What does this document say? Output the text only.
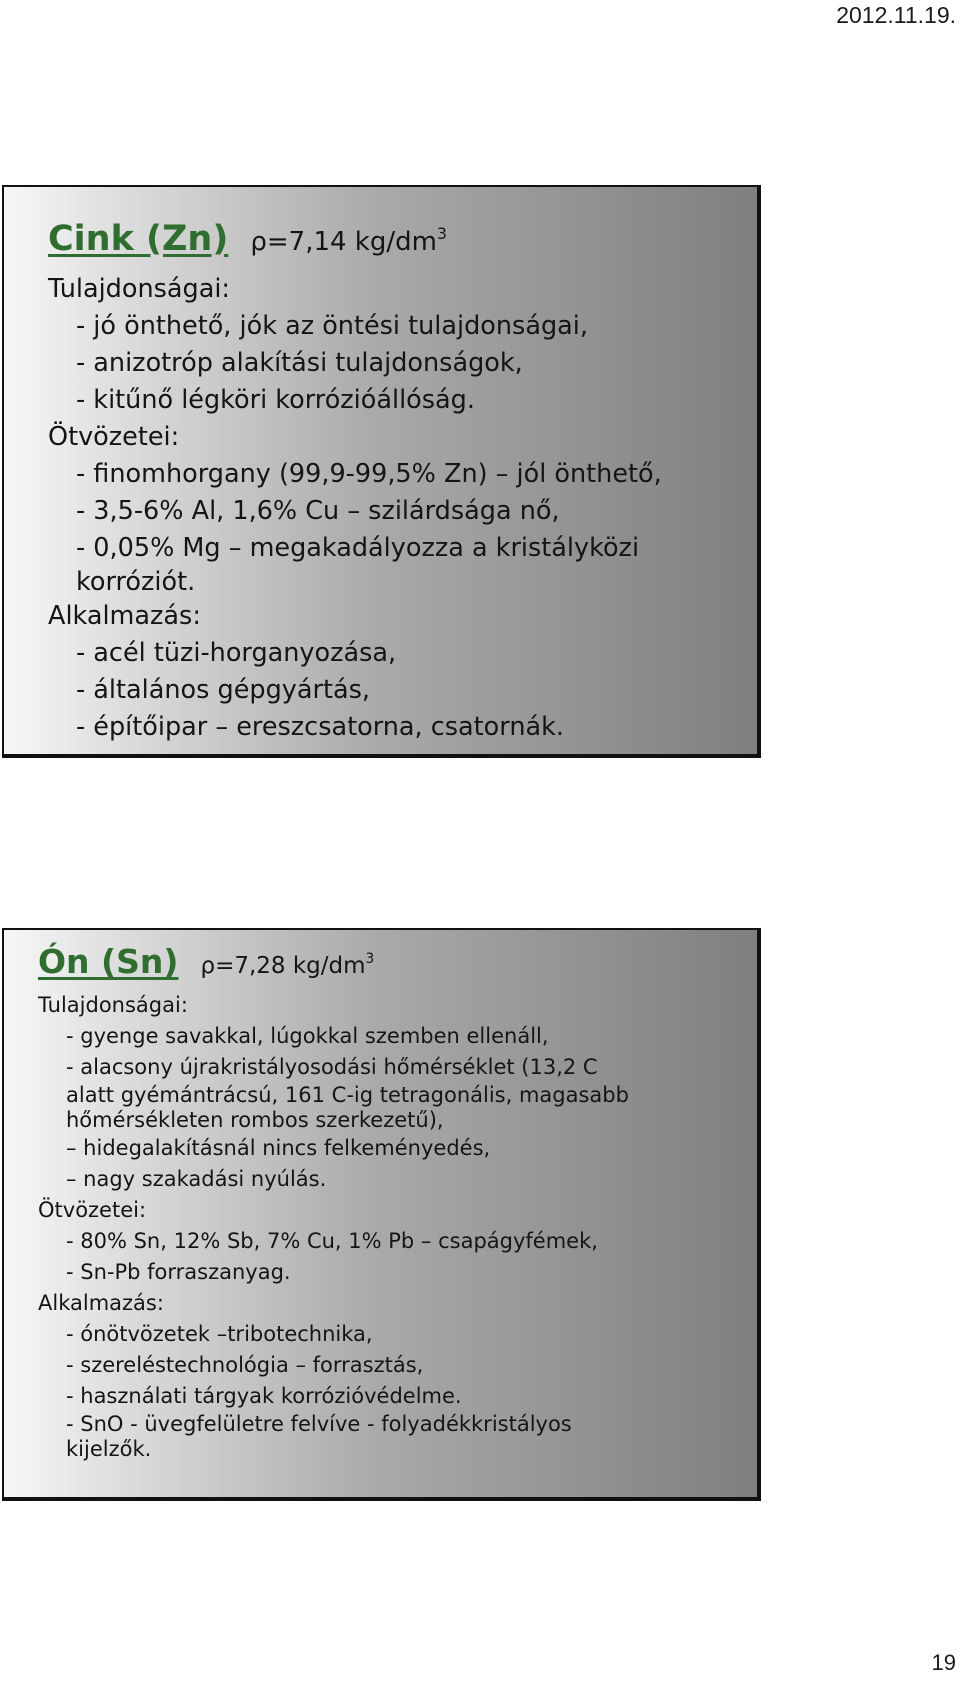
2012.11.19.
Cink (Zn) ρ=7,14 $kg/dm^3$
Tulajdonságai:
- jó önthető, jók az öntési tulajdonságai,
- anizotróp alakítási tulajdonságok,
- kitűnő légköri korrózióállóság.
Ötvözetei:
- finomhorgany (99,9-99,5% Zn) – jól önthető,
- 3,5-6% Al, 1,6% Cu – szilárdsága nő,
- 0,05% Mg – megakadályozza a kristályközi
korróziót.
Alkalmazás:
- acél tüzi-horganyozása,
- általános gépgyártás,
- építőipar – ereszcsatorna, csatornák.
Ón (Sn) ρ=7,28 $kg/dm^3$
Tulajdonságai:
- gyenge savakkal, lúgokkal szemben ellenáll,
- alacsony újrakristályosodási hőmérséklet (13,2 C
alatt gyémántrácsú, 161 C-ig tetragonális, magasabb
hőmérsékleten rombos szerkezetű),
– hidegalakításnál nincs felkeményedés,
– nagy szakadási nyúlás.
Ötvözetei:
- 80% Sn, 12% Sb, 7% Cu, 1% Pb – csapágyfémek,
- Sn-Pb forraszanyag.
Alkalmazás:
- ónötvözetek –tribotechnika,
- szereléstechnológia – forrasztás,
- használati tárgyak korrózióvédelme.
- SnO - üvegfelületre felvíve - folyadékkristályos
kijelzők.
19
